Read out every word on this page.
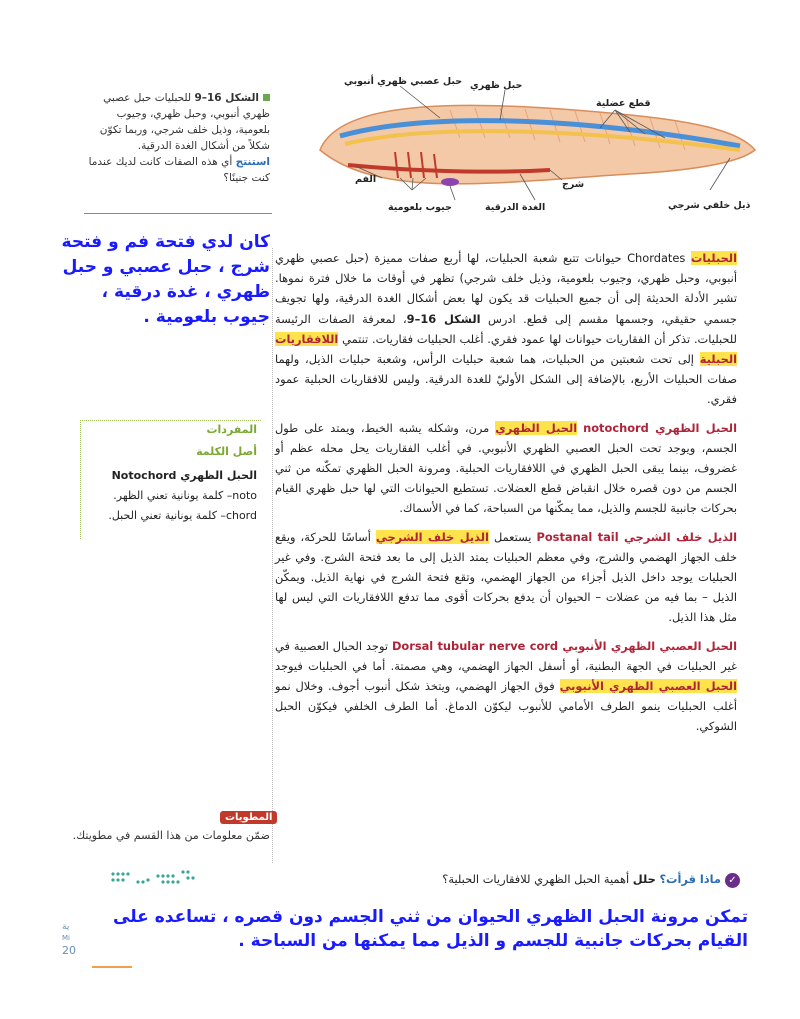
الشكل 16–9 للحبليات حبل عصبي ظهري أنبوبي، وحبل ظهري، وجيوب بلعومية، وذيل خلف شرجي، وربما تكوّن شكلاً من أشكال الغدة الدرقية.
استنتج أي هذه الصفات كانت لديك عندما كنت جنينًا؟
حبل عصبي ظهري أنبوبي حبل ظهري
قطع عضلية
شرج
ذيل خلفي شرجي
الغدة الدرقية
جيوب بلعومية
الفم
كان لدي فتحة فم و فتحة شرج ، حبل عصبي و حبل ظهري ، غدة درقية ، جيوب بلعومية .

الحبليات Chordates حيوانات تتبع شعبة الحبليات، لها أربع صفات مميزة (حبل عصبي ظهري أنبوبي، وحبل ظهري، وجيوب بلعومية، وذيل خلف شرجي) تظهر في أوقات ما خلال فترة نموها. تشير الأدلة الحديثة إلى أن جميع الحبليات قد يكون لها بعض أشكال الغدة الدرقية، ولها تجويف جسمي حقيقي، وجسمها مقسم إلى قطع. ادرس الشكل 16–9، لمعرفة الصفات الرئيسة للحبليات. تذكر أن الفقاريات حيوانات لها عمود فقري. أغلب الحبليات فقاريات. تنتمي اللافقاريات الحبلية إلى تحت شعبتين من الحبليات، هما شعبة حبليات الرأس، وشعبة حبليات الذيل، ولهما صفات الحبليات الأربع، بالإضافة إلى الشكل الأوليّ للغدة الدرقية. وليس للافقاريات الحبلية عمود فقري.

الحبل الظهري notochord الحبل الظهري مرن، وشكله يشبه الخيط، ويمتد على طول الجسم، ويوجد تحت الحبل العصبي الظهري الأنبوبي. في أغلب الفقاريات يحل محله عظم أو غضروف، بينما يبقى الحبل الظهري في اللافقاريات الحبلية. ومرونة الحبل الظهري تمكّنه من ثني الجسم من دون قصره خلال انقباض قطع العضلات. تستطيع الحيوانات التي لها حبل ظهري القيام بحركات جانبية للجسم والذيل، مما يمكّنها من السباحة، كما في الأسماك.

الذيل خلف الشرجي Postanal tail يستعمل الذيل خلف الشرجي أساسًا للحركة، ويقع خلف الجهاز الهضمي والشرج، وفي معظم الحبليات يمتد الذيل إلى ما بعد فتحة الشرج. وفي غير الحبليات يوجد داخل الذيل أجزاء من الجهاز الهضمي، وتقع فتحة الشرج في نهاية الذيل. ويمكّن الذيل – بما فيه من عضلات – الحيوان أن يدفع بحركات أقوى مما تدفع اللافقاريات التي ليس لها مثل هذا الذيل.

الحبل العصبي الظهري الأنبوبي Dorsal tubular nerve cord توجد الحبال العصبية في غير الحبليات في الجهة البطنية، أو أسفل الجهاز الهضمي، وهي مصمتة. أما في الحبليات فيوجد الحبل العصبي الظهري الأنبوبي فوق الجهاز الهضمي، ويتخذ شكل أنبوب أجوف. وخلال نمو أغلب الحبليات ينمو الطرف الأمامي للأنبوب ليكوّن الدماغ. أما الطرف الخلفي فيكوّن الحبل الشوكي.

المفردات
أصل الكلمة
الحبل الظهري Notochord
noto– كلمة يونانية تعني الظهر.
chord– كلمة يونانية تعني الحبل.
المطويات
ضمّن معلومات من هذا القسم في مطويتك.
✓ماذا قرأت؟ حلل أهمية الحبل الظهري للافقاريات الحبلية؟
تمكن مرونة الحبل الظهري الحيوان من ثني الجسم دون قصره ، تساعده على القيام بحركات جانبية للجسم و الذيل مما يمكنها من السباحة .
ية
Mi
20
